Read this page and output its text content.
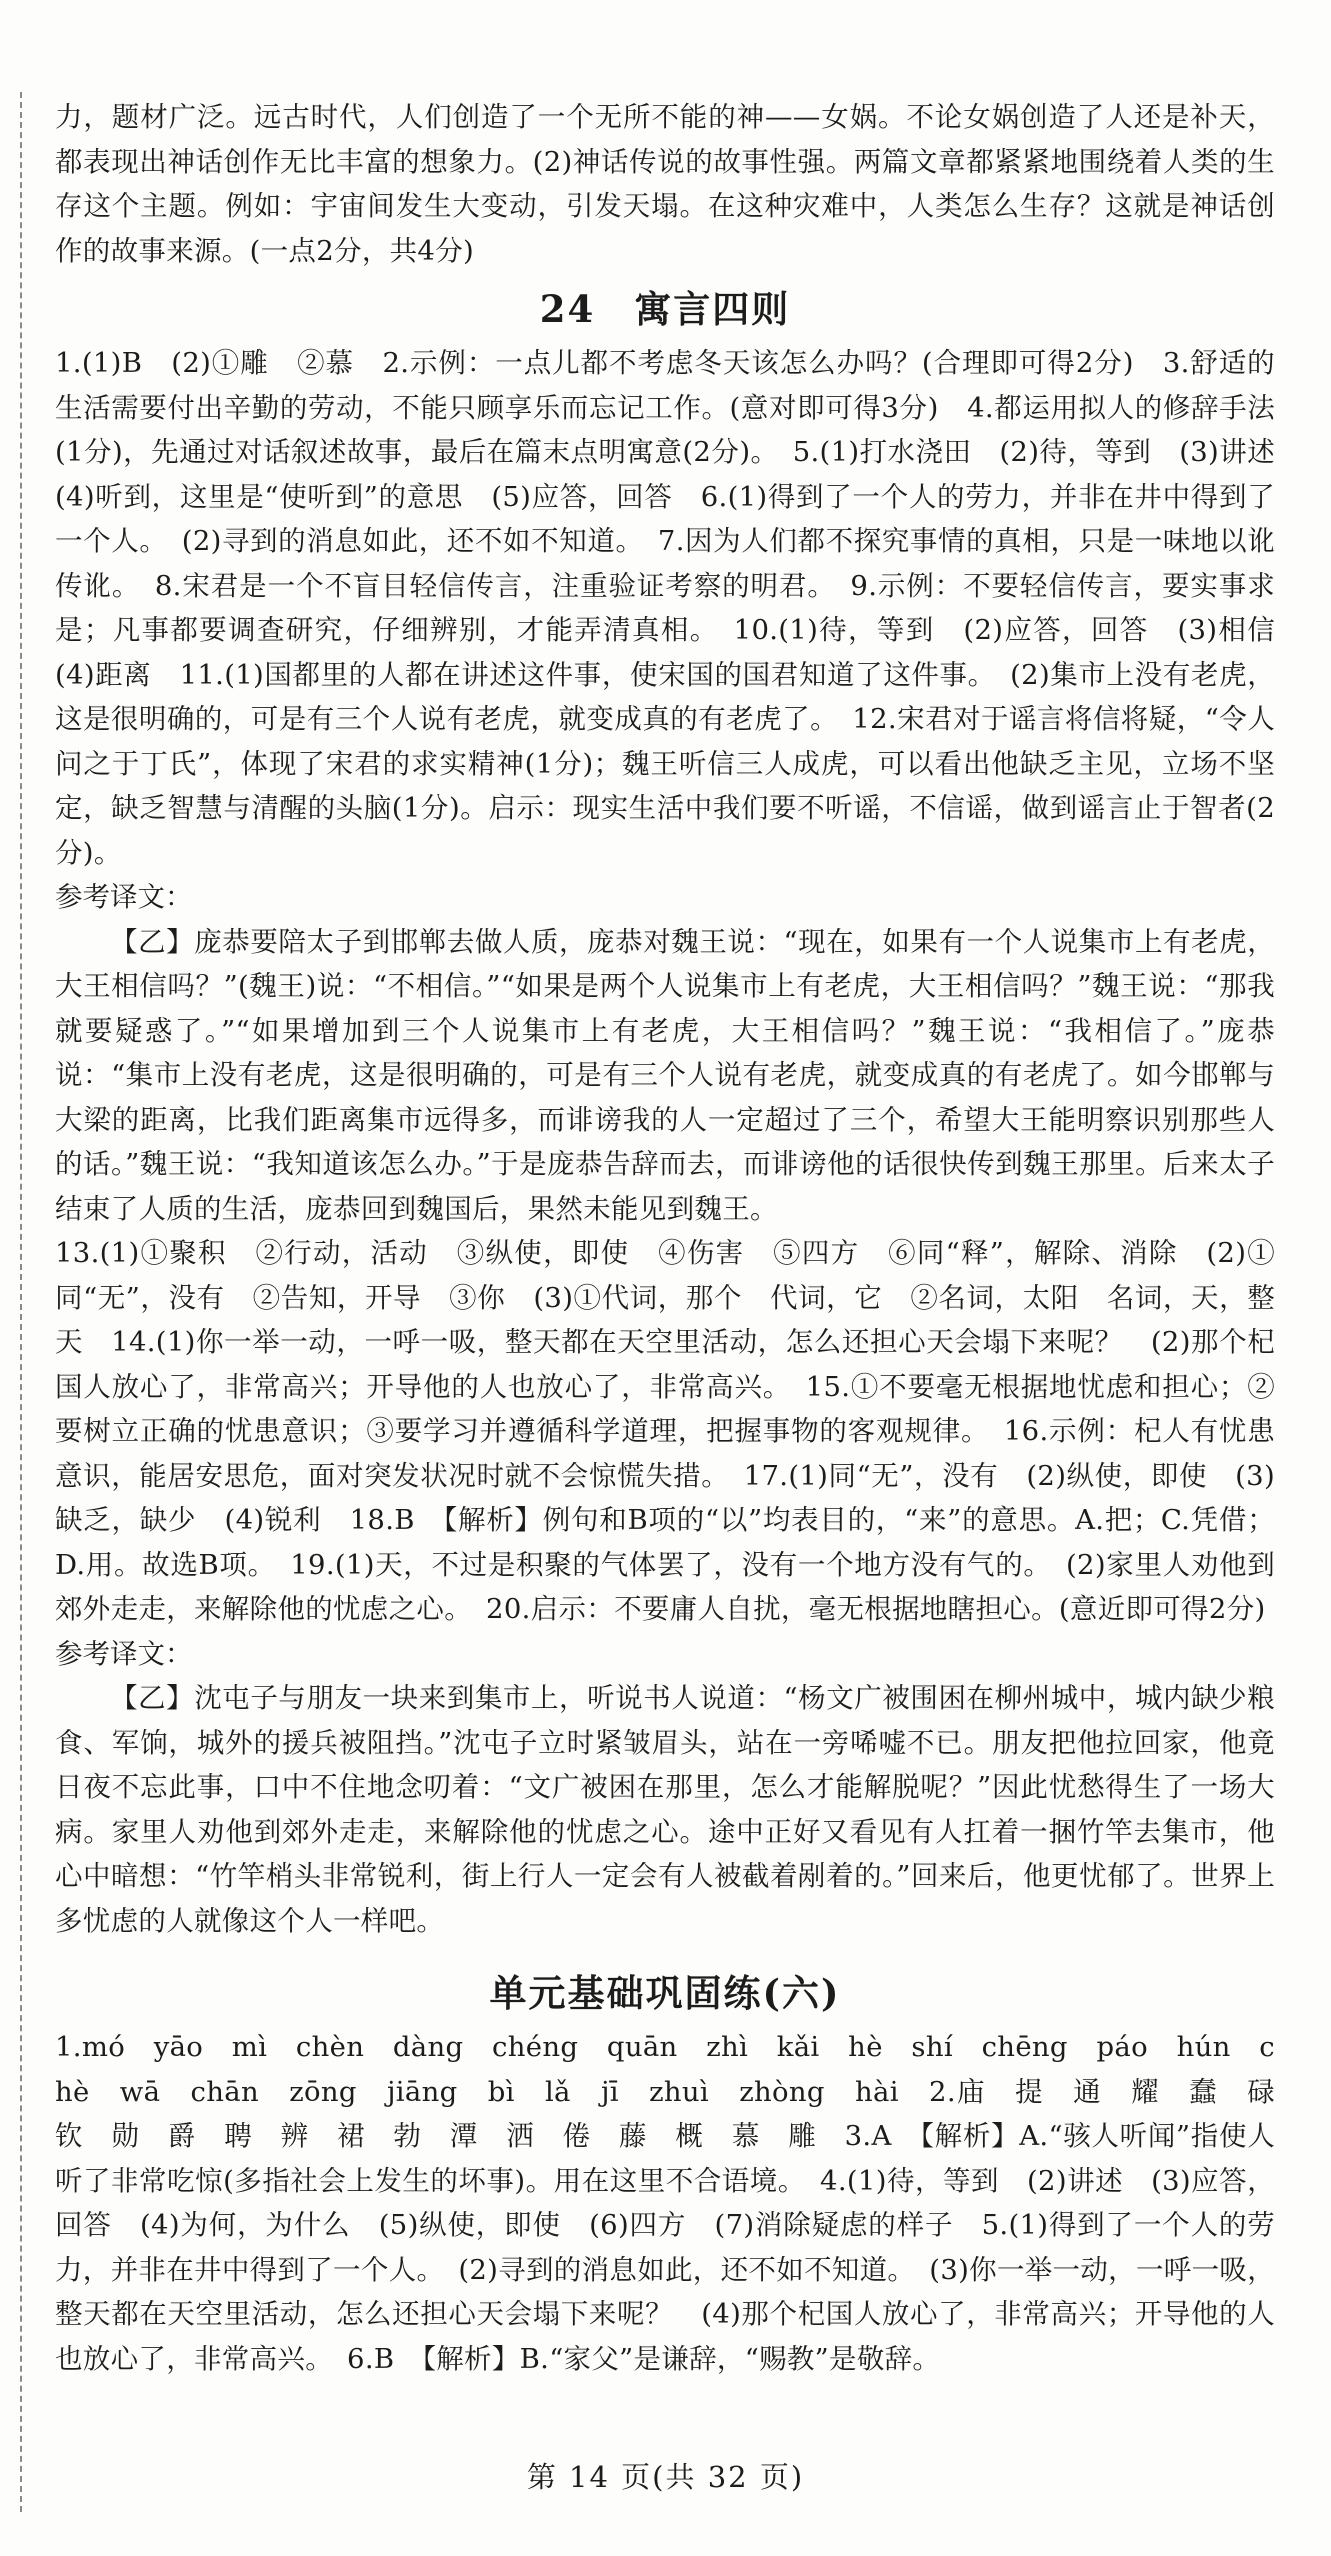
力，题材广泛。远古时代，人们创造了一个无所不能的神——女娲。不论女娲创造了人还是补天，都表现出神话创作无比丰富的想象力。(2)神话传说的故事性强。两篇文章都紧紧地围绕着人类的生存这个主题。例如：宇宙间发生大变动，引发天塌。在这种灾难中，人类怎么生存？这就是神话创作的故事来源。(一点2分，共4分)

24　寓言四则

1.(1)B　(2)①雕　②慕　2.示例：一点儿都不考虑冬天该怎么办吗？(合理即可得2分)　3.舒适的生活需要付出辛勤的劳动，不能只顾享乐而忘记工作。(意对即可得3分)　4.都运用拟人的修辞手法(1分)，先通过对话叙述故事，最后在篇末点明寓意(2分)。　5.(1)打水浇田　(2)待，等到　(3)讲述　(4)听到，这里是“使听到”的意思　(5)应答，回答　6.(1)得到了一个人的劳力，并非在井中得到了一个人。　(2)寻到的消息如此，还不如不知道。　7.因为人们都不探究事情的真相，只是一味地以讹传讹。　8.宋君是一个不盲目轻信传言，注重验证考察的明君。　9.示例：不要轻信传言，要实事求是；凡事都要调查研究，仔细辨别，才能弄清真相。　10.(1)待，等到　(2)应答，回答　(3)相信　(4)距离　11.(1)国都里的人都在讲述这件事，使宋国的国君知道了这件事。　(2)集市上没有老虎，这是很明确的，可是有三个人说有老虎，就变成真的有老虎了。　12.宋君对于谣言将信将疑，“令人问之于丁氏”，体现了宋君的求实精神(1分)；魏王听信三人成虎，可以看出他缺乏主见，立场不坚定，缺乏智慧与清醒的头脑(1分)。启示：现实生活中我们要不听谣，不信谣，做到谣言止于智者(2分)。

参考译文：

【乙】庞恭要陪太子到邯郸去做人质，庞恭对魏王说：“现在，如果有一个人说集市上有老虎，大王相信吗？”(魏王)说：“不相信。”“如果是两个人说集市上有老虎，大王相信吗？”魏王说：“那我就要疑惑了。”“如果增加到三个人说集市上有老虎，大王相信吗？”魏王说：“我相信了。”庞恭说：“集市上没有老虎，这是很明确的，可是有三个人说有老虎，就变成真的有老虎了。如今邯郸与大梁的距离，比我们距离集市远得多，而诽谤我的人一定超过了三个，希望大王能明察识别那些人的话。”魏王说：“我知道该怎么办。”于是庞恭告辞而去，而诽谤他的话很快传到魏王那里。后来太子结束了人质的生活，庞恭回到魏国后，果然未能见到魏王。

13.(1)①聚积　②行动，活动　③纵使，即使　④伤害　⑤四方　⑥同“释”，解除、消除　(2)①同“无”，没有　②告知，开导　③你　(3)①代词，那个　代词，它　②名词，太阳　名词，天，整天　14.(1)你一举一动，一呼一吸，整天都在天空里活动，怎么还担心天会塌下来呢？　(2)那个杞国人放心了，非常高兴；开导他的人也放心了，非常高兴。　15.①不要毫无根据地忧虑和担心；②要树立正确的忧患意识；③要学习并遵循科学道理，把握事物的客观规律。　16.示例：杞人有忧患意识，能居安思危，面对突发状况时就不会惊慌失措。　17.(1)同“无”，没有　(2)纵使，即使　(3)缺乏，缺少　(4)锐利　18.B　【解析】例句和B项的“以”均表目的，“来”的意思。A.把；C.凭借；D.用。故选B项。　19.(1)天，不过是积聚的气体罢了，没有一个地方没有气的。　(2)家里人劝他到郊外走走，来解除他的忧虑之心。　20.启示：不要庸人自扰，毫无根据地瞎担心。(意近即可得2分)

参考译文：

【乙】沈屯子与朋友一块来到集市上，听说书人说道：“杨文广被围困在柳州城中，城内缺少粮食、军饷，城外的援兵被阻挡。”沈屯子立时紧皱眉头，站在一旁唏嘘不已。朋友把他拉回家，他竟日夜不忘此事，口中不住地念叨着：“文广被困在那里，怎么才能解脱呢？”因此忧愁得生了一场大病。家里人劝他到郊外走走，来解除他的忧虑之心。途中正好又看见有人扛着一捆竹竿去集市，他心中暗想：“竹竿梢头非常锐利，街上行人一定会有人被截着剐着的。”回来后，他更忧郁了。世界上多忧虑的人就像这个人一样吧。

单元基础巩固练(六)

1.mó　yāo　mì　chèn　dàng　chéng　quān　zhì　kǎi　hè　shí　chēng　páo　hún　chè　wā　chān　zōng　jiāng　bì　lǎ　jī　zhuì　zhòng　hài　2.庙　提　通　耀　蠢　碌　钦　勋　爵　聘　辨　裙　勃　潭　洒　倦　藤　概　慕　雕　3.A　【解析】A.“骇人听闻”指使人听了非常吃惊(多指社会上发生的坏事)。用在这里不合语境。　4.(1)待，等到　(2)讲述　(3)应答，回答　(4)为何，为什么　(5)纵使，即使　(6)四方　(7)消除疑虑的样子　5.(1)得到了一个人的劳力，并非在井中得到了一个人。　(2)寻到的消息如此，还不如不知道。　(3)你一举一动，一呼一吸，整天都在天空里活动，怎么还担心天会塌下来呢？　(4)那个杞国人放心了，非常高兴；开导他的人也放心了，非常高兴。　6.B　【解析】B.“家父”是谦辞，“赐教”是敬辞。

第 14 页(共 32 页)
